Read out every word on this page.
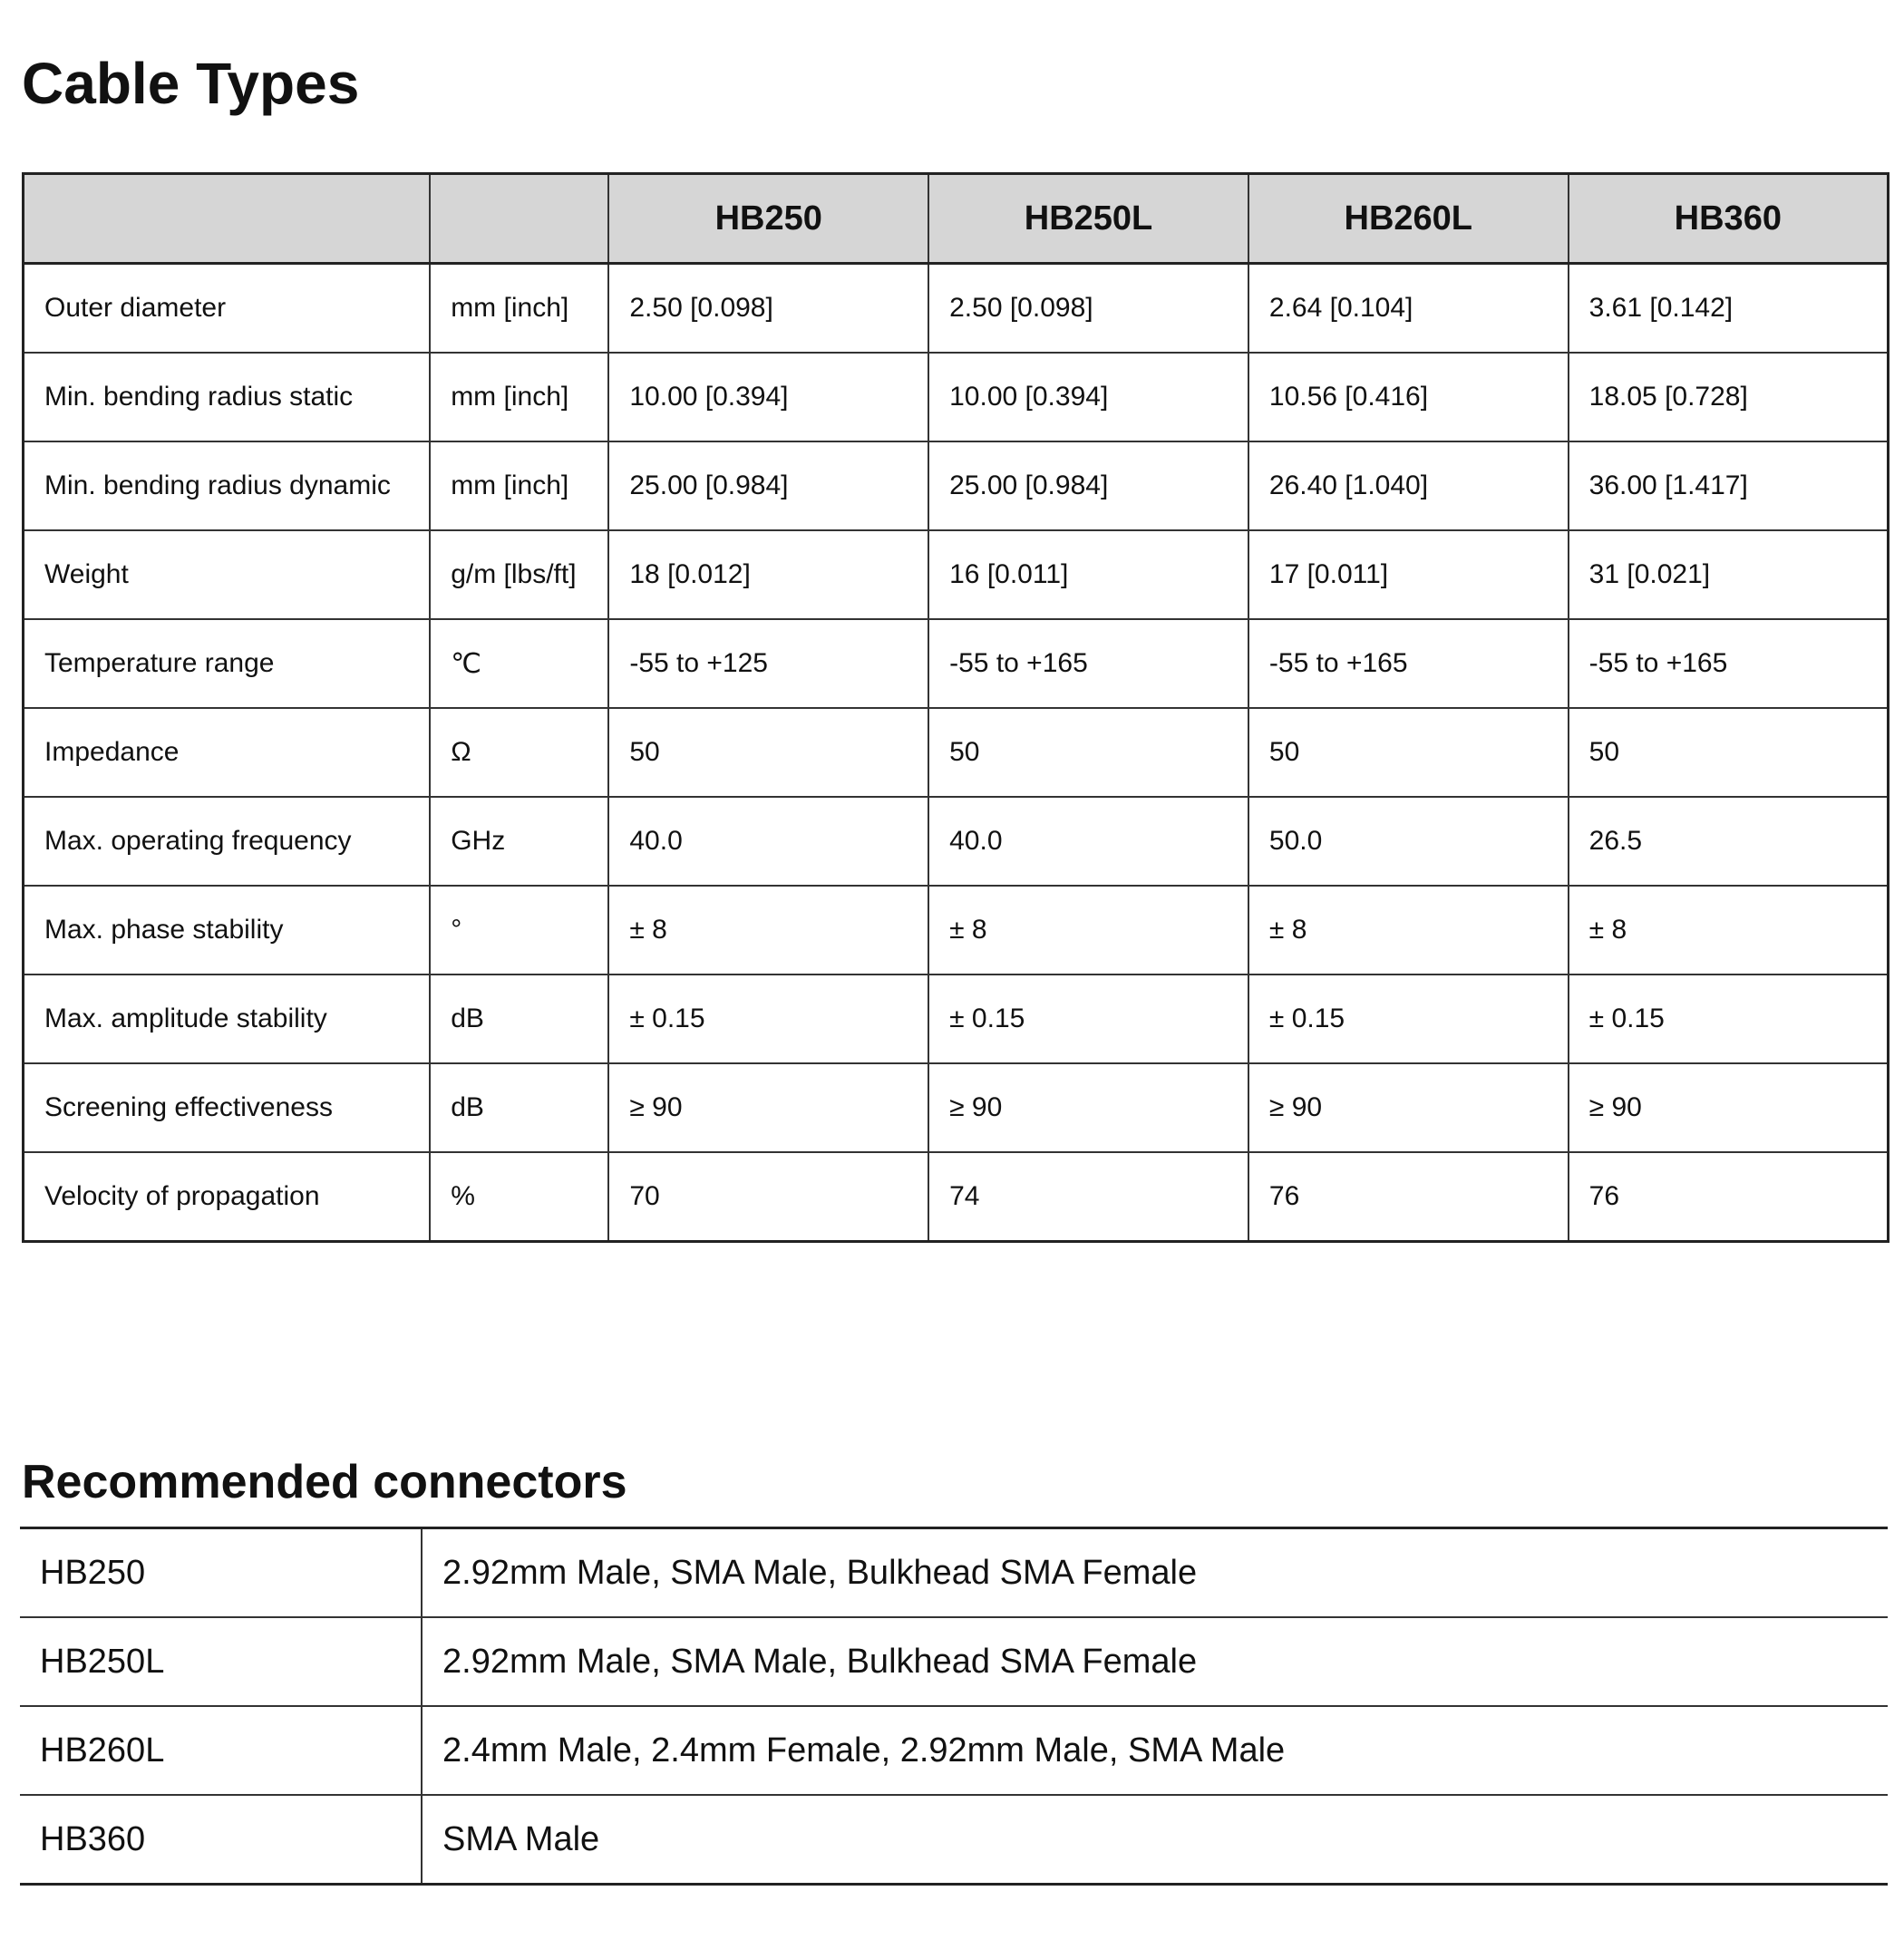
Cable Types
		HB250	HB250L	HB260L	HB360
Outer diameter	mm [inch]	2.50 [0.098]	2.50 [0.098]	2.64 [0.104]	3.61 [0.142]
Min. bending radius static	mm [inch]	10.00 [0.394]	10.00 [0.394]	10.56 [0.416]	18.05 [0.728]
Min. bending radius dynamic	mm [inch]	25.00 [0.984]	25.00 [0.984]	26.40 [1.040]	36.00 [1.417]
Weight	g/m [lbs/ft]	18 [0.012]	16 [0.011]	17 [0.011]	31 [0.021]
Temperature range	℃	-55 to +125	-55 to +165	-55 to +165	-55 to +165
Impedance	Ω	50	50	50	50
Max. operating frequency	GHz	40.0	40.0	50.0	26.5
Max. phase stability	°	± 8	± 8	± 8	± 8
Max. amplitude stability	dB	± 0.15	± 0.15	± 0.15	± 0.15
Screening effectiveness	dB	≥ 90	≥ 90	≥ 90	≥ 90
Velocity of propagation	%	70	74	76	76
Recommended connectors
HB250	2.92mm Male, SMA Male, Bulkhead SMA Female
HB250L	2.92mm Male, SMA Male, Bulkhead SMA Female
HB260L	2.4mm Male, 2.4mm Female, 2.92mm Male, SMA Male
HB360	SMA Male
